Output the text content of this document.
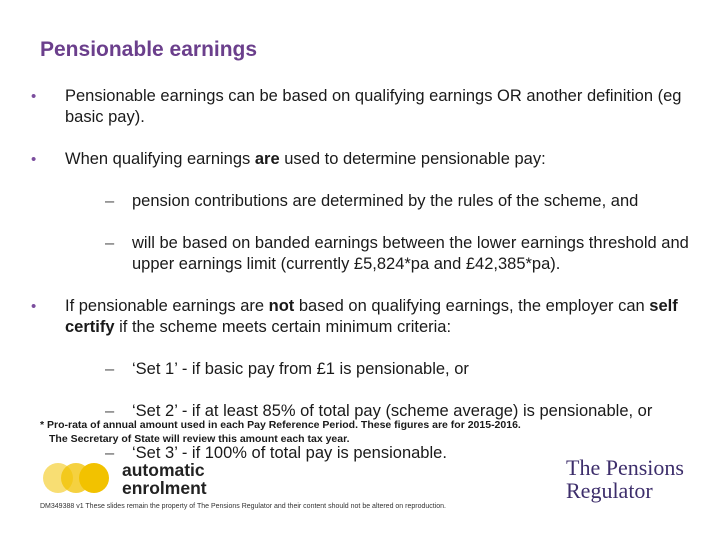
Pensionable earnings
• Pensionable earnings can be based on qualifying earnings OR another definition (eg basic pay).
• When qualifying earnings are used to determine pensionable pay:
– pension contributions are determined by the rules of the scheme, and
– will be based on banded earnings between the lower earnings threshold and upper earnings limit (currently £5,824*pa and £42,385*pa).
• If pensionable earnings are not based on qualifying earnings, the employer can self certify if the scheme meets certain minimum criteria:
– ‘Set 1’ - if basic pay from £1 is pensionable, or
– ‘Set 2’ - if at least 85% of total pay (scheme average) is pensionable, or
– ‘Set 3’ - if 100% of total pay is pensionable.
* Pro-rata of annual amount used in each Pay Reference Period. These figures are for 2015-2016.
The Secretary of State will review this amount each tax year.
automatic
enrolment
The Pensions
Regulator
DM349388 v1 These slides remain the property of The Pensions Regulator and their content should not be altered on reproduction.
